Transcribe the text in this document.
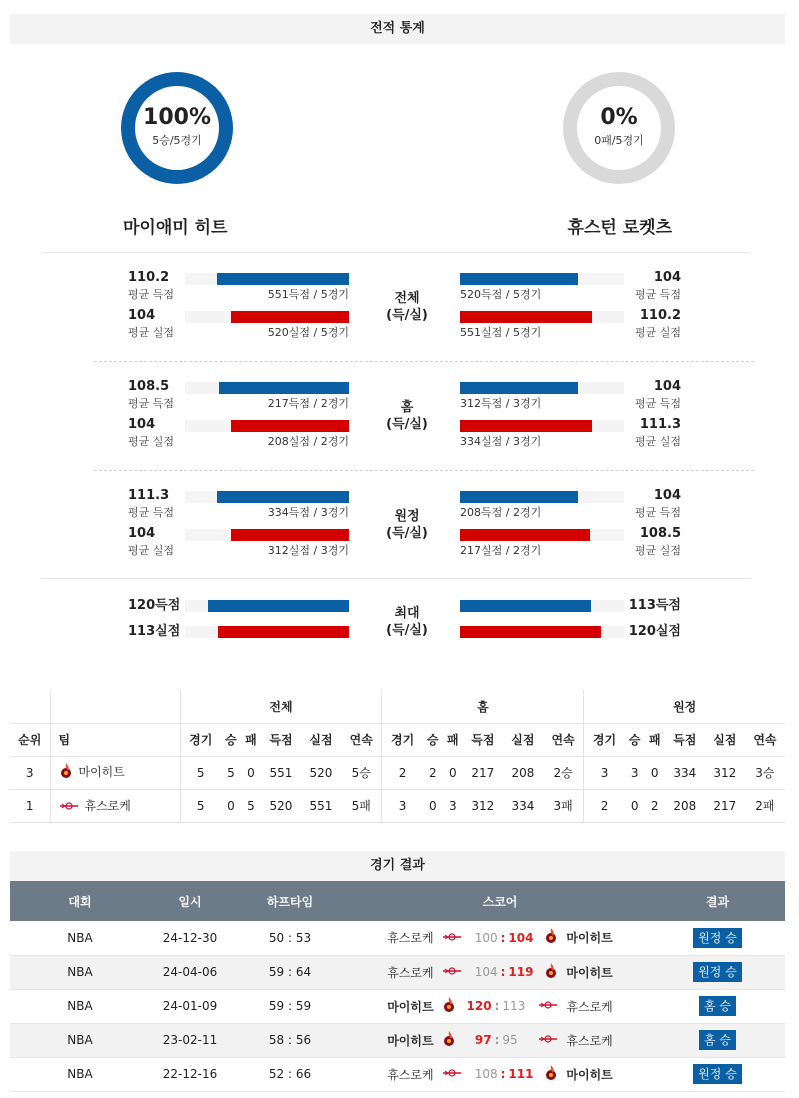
전적 통계
100%
5승/5경기
0%
0패/5경기
마이애미 히트	휴스턴 로켓츠
110.2
평균 득점	551득점 / 5경기
104
평균 실점	520실점 / 5경기
104
평균 득점
520득점 / 5경기
110.2
평균 실점
551실점 / 5경기
전체
(득/실)
108.5
평균 득점	217득점 / 2경기
104
평균 실점	208실점 / 2경기
104
평균 득점
312득점 / 3경기
111.3
평균 실점
334실점 / 3경기
홈
(득/실)
111.3
평균 득점	334득점 / 3경기
104
평균 실점	312실점 / 3경기
104
평균 득점
208득점 / 2경기
108.5
평균 실점
217실점 / 2경기
원정
(득/실)
120득점
113실점
113득점
120실점
최대
(득/실)
		전체						홈						원정					
순위	팀	경기	승	패	득점	실점	연속	경기	승	패	득점	실점	연속	경기	승	패	득점	실점	연속
3	마이히트	5	5	0	551	520	5승	2	2	0	217	208	2승	3	3	0	334	312	3승
1	휴스로케	5	0	5	520	551	5패	3	0	3	312	334	3패	2	0	2	208	217	2패
경기 결과
대회	일시	하프타임	스코어	결과
NBA	24-12-30	50 : 53	휴스로케 100 : 104 마이히트	원정 승
NBA	24-04-06	59 : 64	휴스로케 104 : 119 마이히트	원정 승
NBA	24-01-09	59 : 59	마이히트 120 : 113 휴스로케	홈 승
NBA	23-02-11	58 : 56	마이히트 97 : 95 휴스로케	홈 승
NBA	22-12-16	52 : 66	휴스로케 108 : 111 마이히트	원정 승
